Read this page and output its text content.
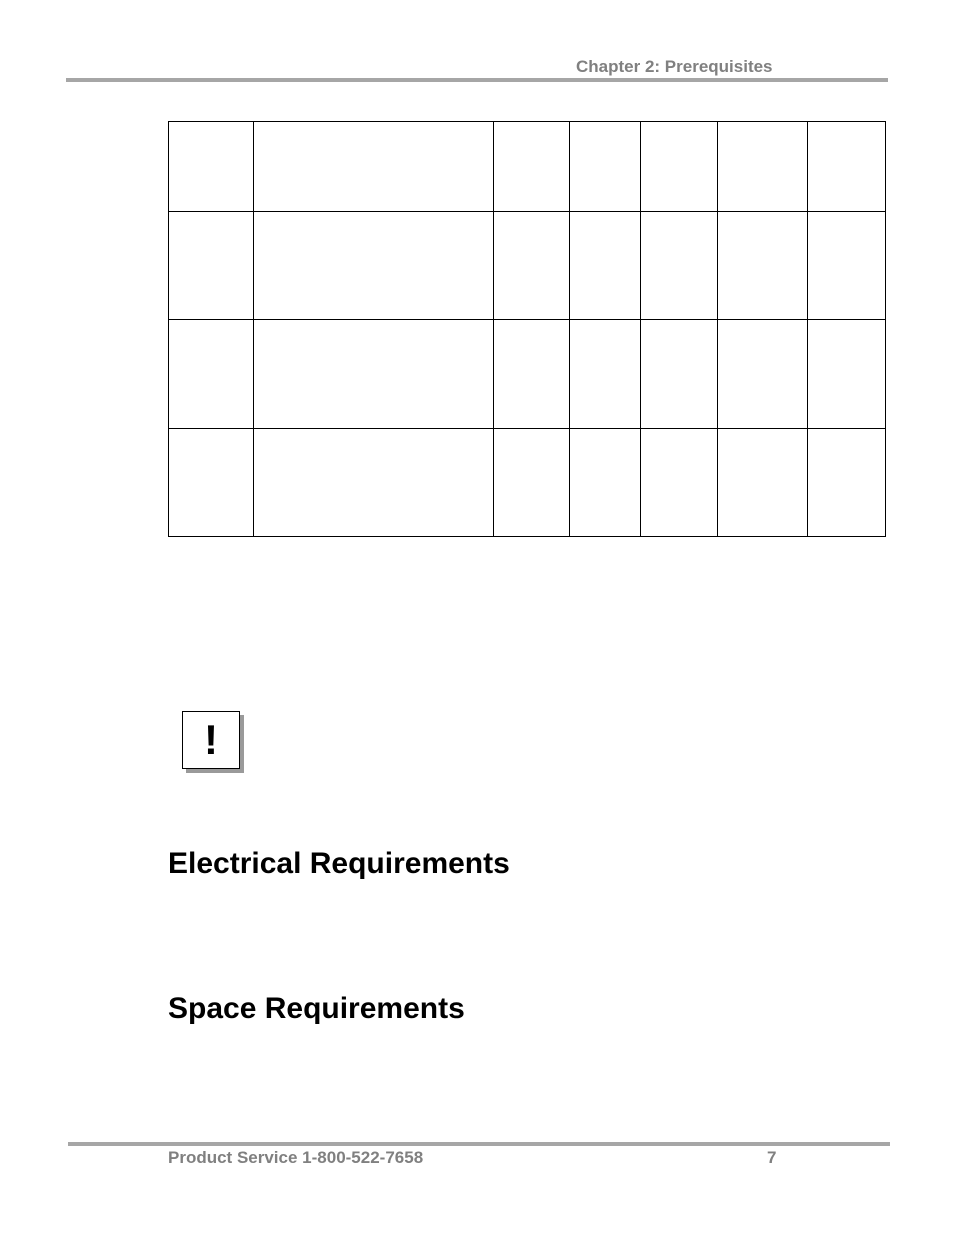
Chapter 2: Prerequisites

!
Electrical Requirements
Space Requirements
Product Service 1-800-522-7658	7
